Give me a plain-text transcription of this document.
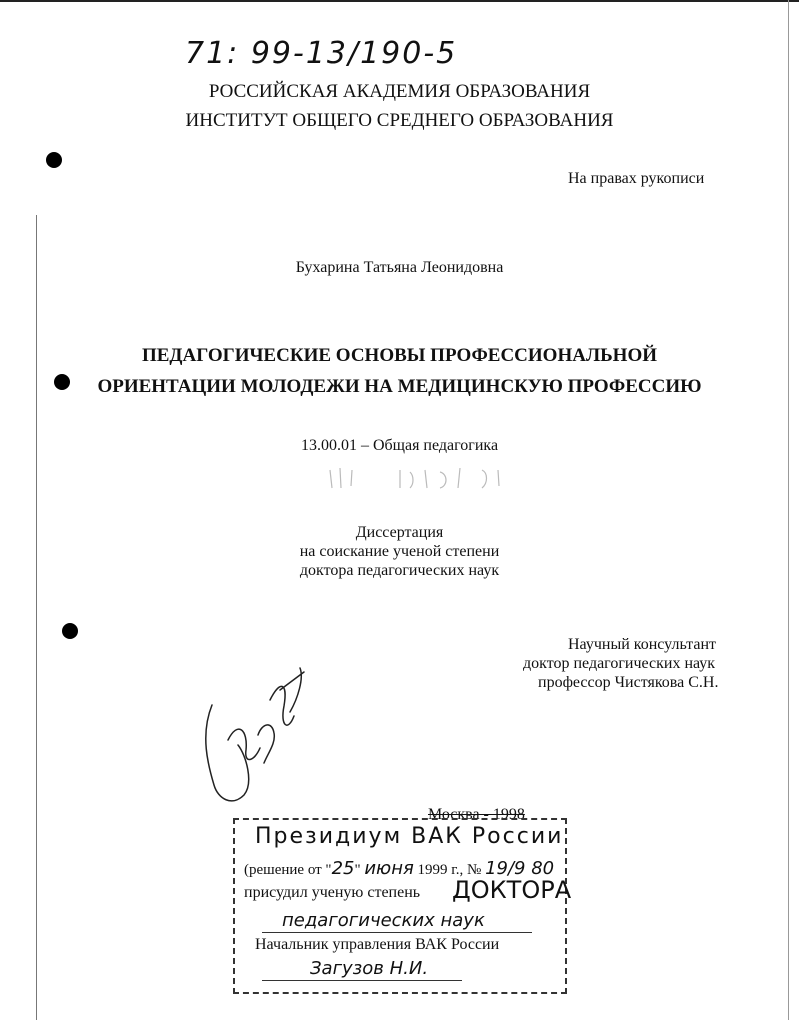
71: 99-13/190-5
РОССИЙСКАЯ АКАДЕМИЯ ОБРАЗОВАНИЯ
ИНСТИТУТ ОБЩЕГО СРЕДНЕГО ОБРАЗОВАНИЯ
На правах рукописи
Бухарина Татьяна Леонидовна
ПЕДАГОГИЧЕСКИЕ ОСНОВЫ ПРОФЕССИОНАЛЬНОЙ
ОРИЕНТАЦИИ МОЛОДЕЖИ НА МЕДИЦИНСКУЮ ПРОФЕССИЮ
13.00.01 – Общая педагогика
Диссертация
на соискание ученой степени
доктора педагогических наук
Научный консультант
доктор педагогических наук
профессор Чистякова С.Н.
Москва - 1998
Президиум ВАК России
(решение от "25" июня 1999 г., № 19/9 80
присудил ученую степень ДОКТОРА
педагогических наук
Начальник управления ВАК России
Загузов Н.И.
